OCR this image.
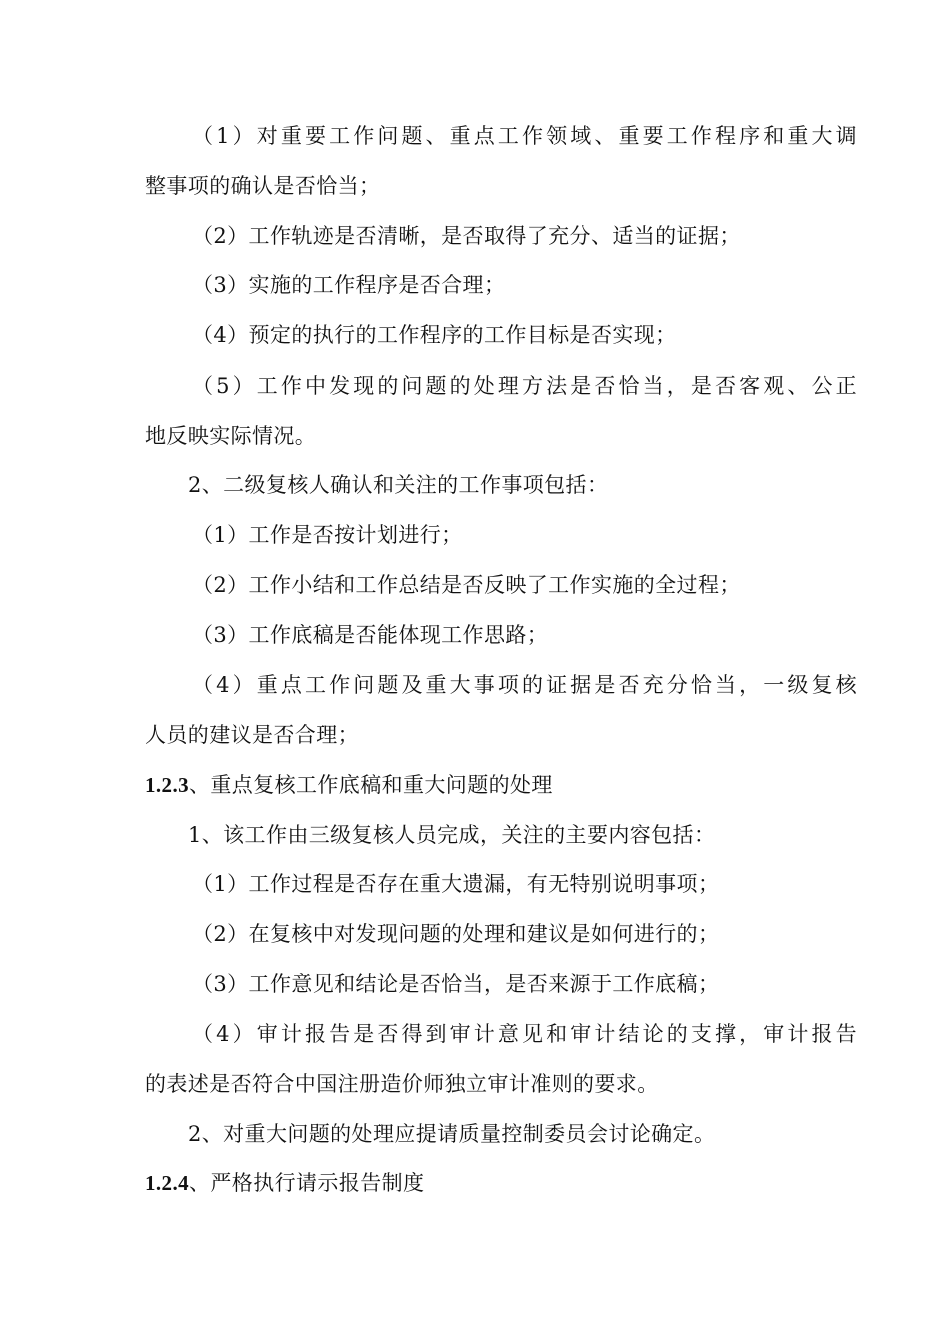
（1）对重要工作问题、重点工作领域、重要工作程序和重大调
整事项的确认是否恰当；
（2）工作轨迹是否清晰，是否取得了充分、适当的证据；
（3）实施的工作程序是否合理；
（4）预定的执行的工作程序的工作目标是否实现；
（5）工作中发现的问题的处理方法是否恰当，是否客观、公正
地反映实际情况。
2、二级复核人确认和关注的工作事项包括：
（1）工作是否按计划进行；
（2）工作小结和工作总结是否反映了工作实施的全过程；
（3）工作底稿是否能体现工作思路；
（4）重点工作问题及重大事项的证据是否充分恰当，一级复核
人员的建议是否合理；
1.2.3、重点复核工作底稿和重大问题的处理
1、该工作由三级复核人员完成，关注的主要内容包括：
（1）工作过程是否存在重大遗漏，有无特别说明事项；
（2）在复核中对发现问题的处理和建议是如何进行的；
（3）工作意见和结论是否恰当，是否来源于工作底稿；
（4）审计报告是否得到审计意见和审计结论的支撑，审计报告
的表述是否符合中国注册造价师独立审计准则的要求。
2、对重大问题的处理应提请质量控制委员会讨论确定。
1.2.4、严格执行请示报告制度
